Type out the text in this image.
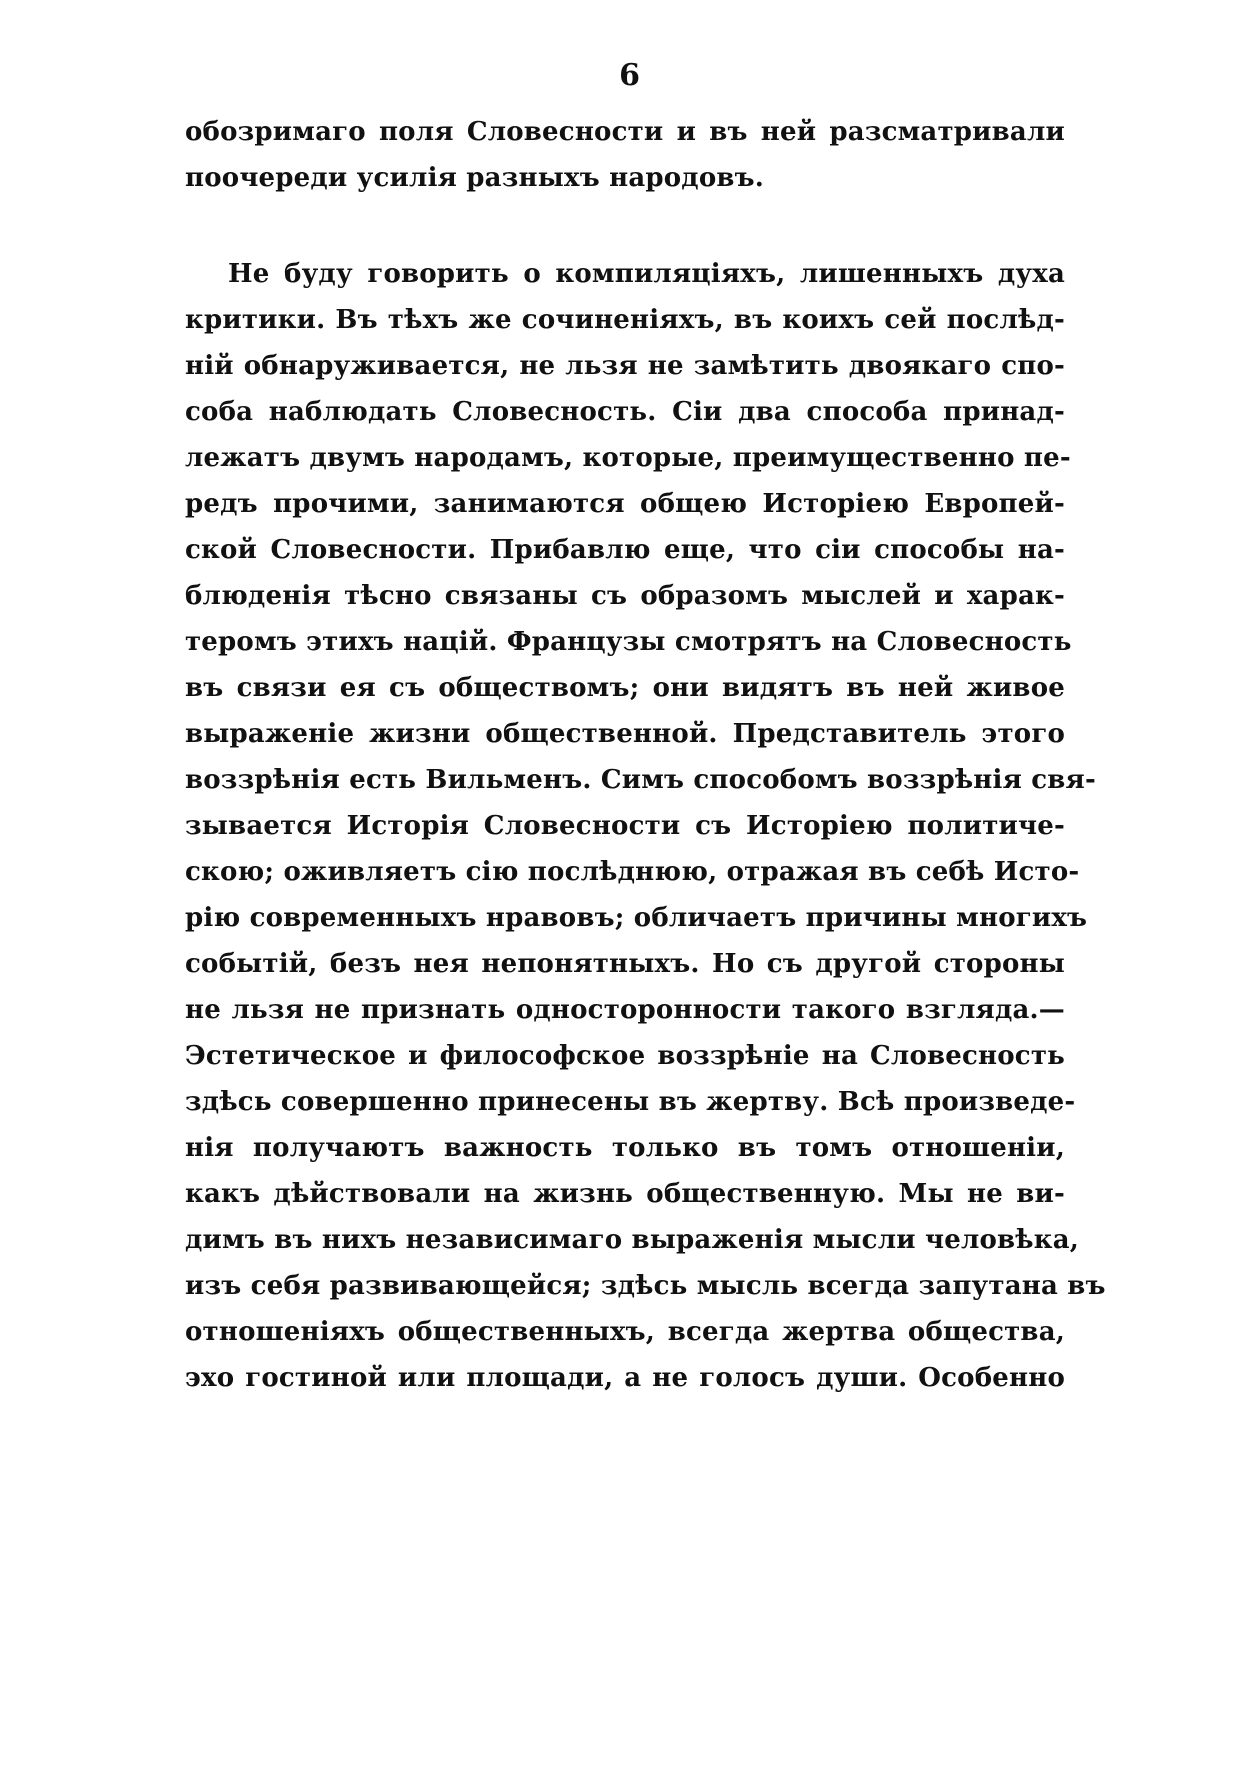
6
обозримаго поля Словесности и въ ней разсматривали
поочереди усилія разныхъ народовъ.
Не буду говорить о компиляціяхъ, лишенныхъ духа
критики. Въ тѣхъ же сочиненіяхъ, въ коихъ сей послѣд-
ній обнаруживается, не льзя не замѣтить двоякаго спо-
соба наблюдать Словесность. Сіи два способа принад-
лежатъ двумъ народамъ, которые, преимущественно пе-
редъ прочими, занимаются общею Исторіею Европей-
ской Словесности. Прибавлю еще, что сіи способы на-
блюденія тѣсно связаны съ образомъ мыслей и харак-
теромъ этихъ націй. Французы смотрятъ на Словесность
въ связи ея съ обществомъ; они видятъ въ ней живое
выраженіе жизни общественной. Представитель этого
воззрѣнія есть Вильменъ. Симъ способомъ воззрѣнія свя-
зывается Исторія Словесности съ Исторіею политиче-
скою; оживляетъ сію послѣднюю, отражая въ себѣ Исто-
рію современныхъ нравовъ; обличаетъ причины многихъ
событій, безъ нея непонятныхъ. Но съ другой стороны
не льзя не признать односторонности такого взгляда.—
Эстетическое и философское воззрѣніе на Словесность
здѣсь совершенно принесены въ жертву. Всѣ произведе-
нія получаютъ важность только въ томъ отношеніи,
какъ дѣйствовали на жизнь общественную. Мы не ви-
димъ въ нихъ независимаго выраженія мысли человѣка,
изъ себя развивающейся; здѣсь мысль всегда запутана въ
отношеніяхъ общественныхъ, всегда жертва общества,
эхо гостиной или площади, а не голосъ души. Особенно
